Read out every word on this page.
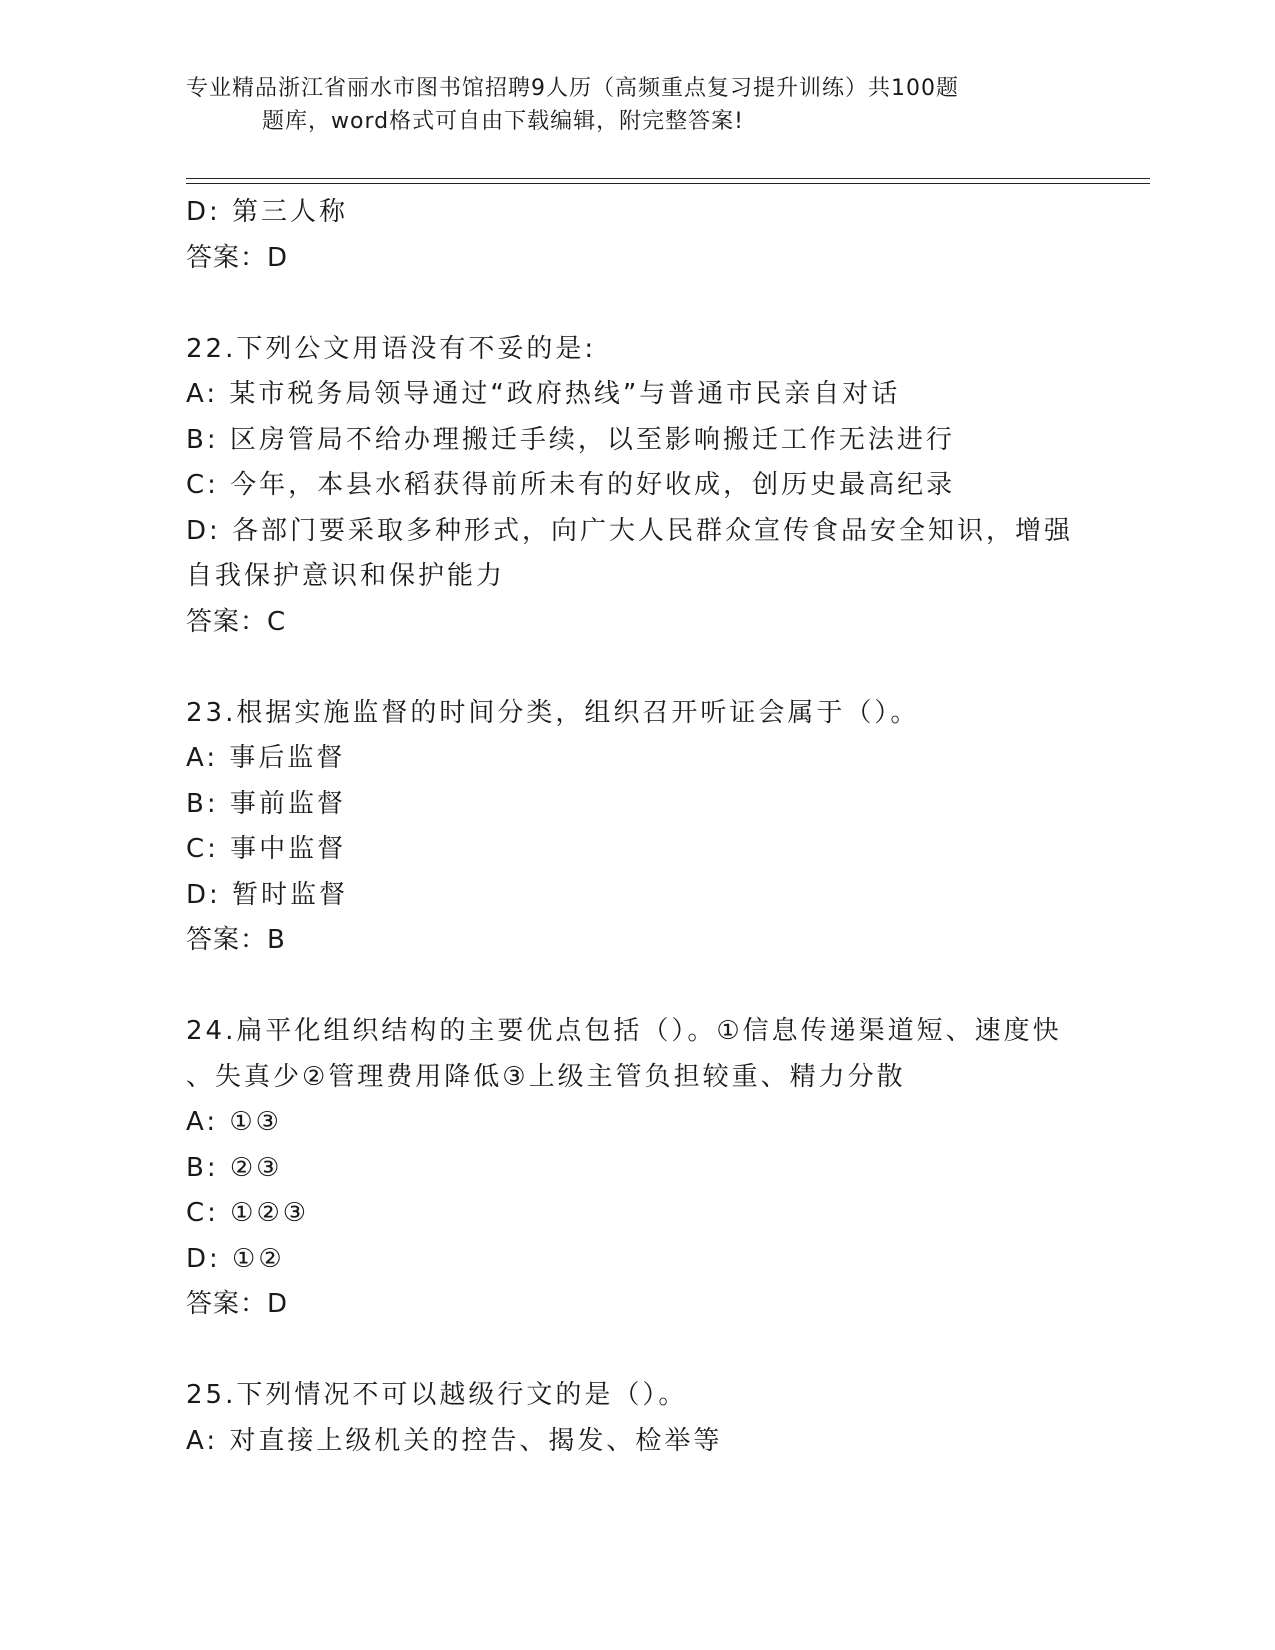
专业精品浙江省丽水市图书馆招聘9人历（高频重点复习提升训练）共100题
题库，word格式可自由下载编辑，附完整答案!
D: 第三人称
答案：D
22.下列公文用语没有不妥的是:
A: 某市税务局领导通过“政府热线”与普通市民亲自对话
B: 区房管局不给办理搬迁手续，以至影响搬迁工作无法进行
C: 今年，本县水稻获得前所未有的好收成，创历史最高纪录
D: 各部门要采取多种形式，向广大人民群众宣传食品安全知识，增强
自我保护意识和保护能力
答案：C
23.根据实施监督的时间分类，组织召开听证会属于（）。
A: 事后监督
B: 事前监督
C: 事中监督
D: 暂时监督
答案：B
24.扁平化组织结构的主要优点包括（）。①信息传递渠道短、速度快
、失真少②管理费用降低③上级主管负担较重、精力分散
A: ①③
B: ②③
C: ①②③
D: ①②
答案：D
25.下列情况不可以越级行文的是（）。
A: 对直接上级机关的控告、揭发、检举等
